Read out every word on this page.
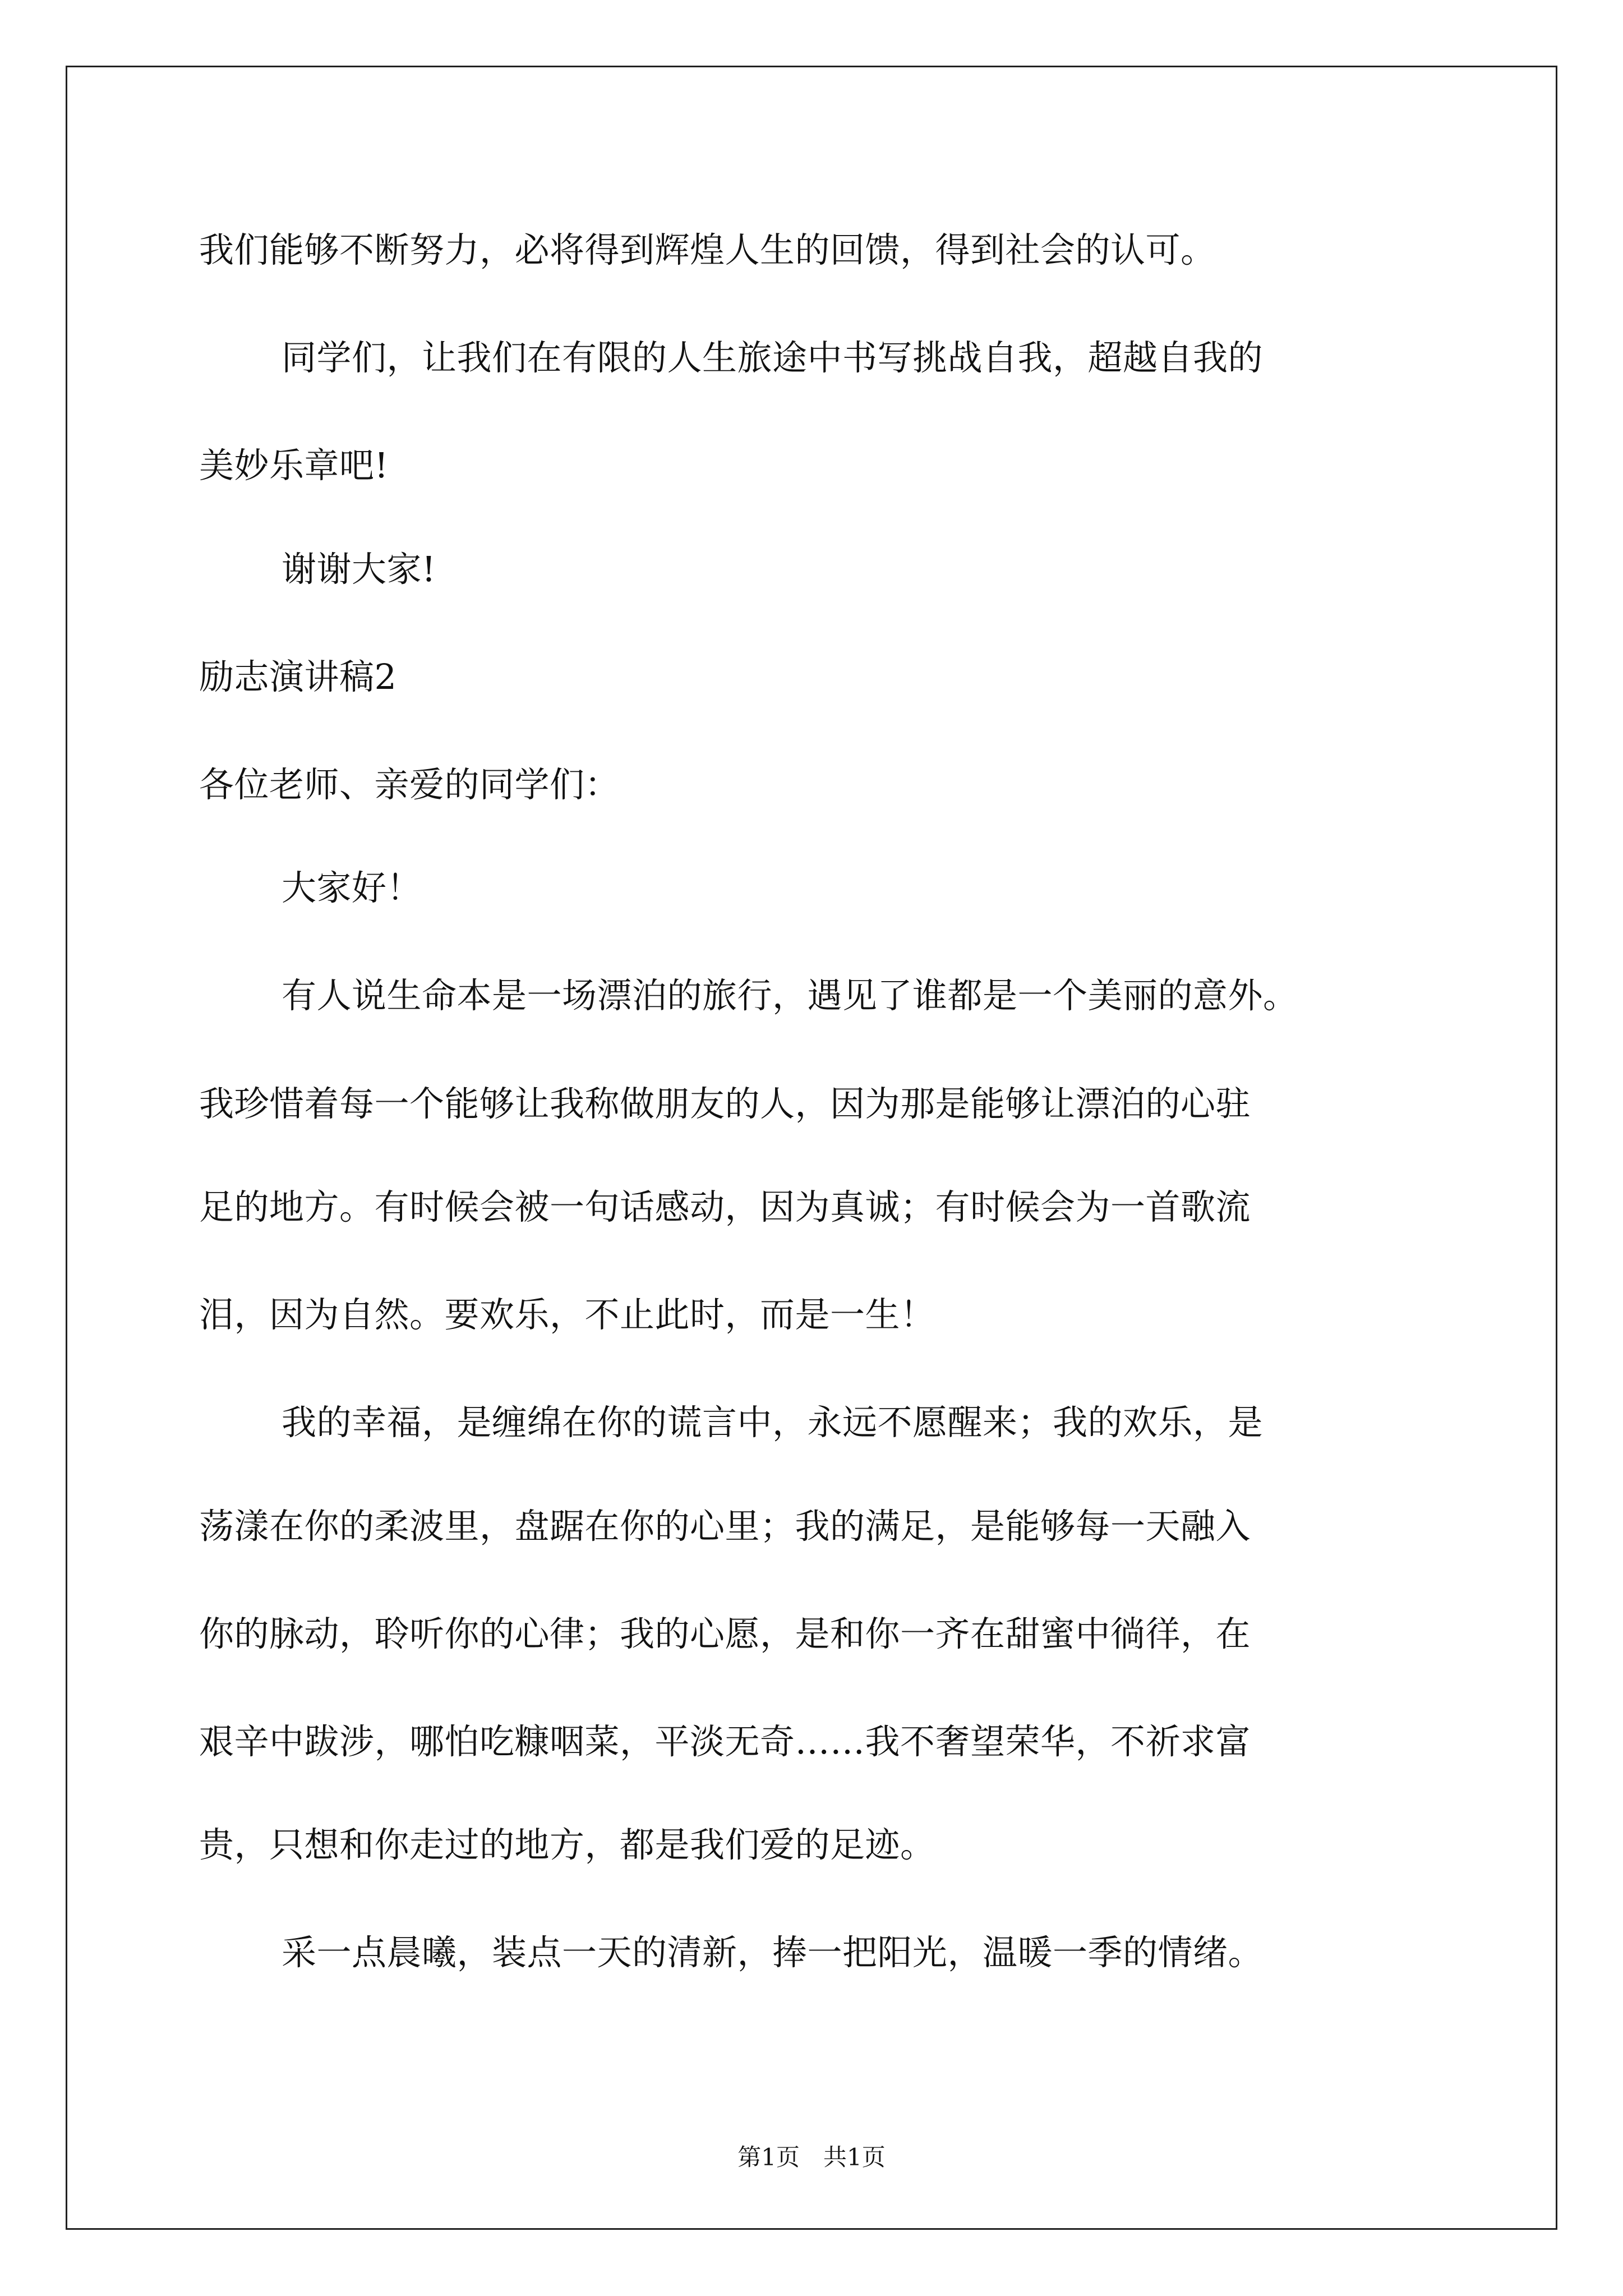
我们能够不断努力，必将得到辉煌人生的回馈，得到社会的认可。
同学们，让我们在有限的人生旅途中书写挑战自我，超越自我的
美妙乐章吧!
谢谢大家!
励志演讲稿2
各位老师、亲爱的同学们：
大家好！
有人说生命本是一场漂泊的旅行，遇见了谁都是一个美丽的意外。
我珍惜着每一个能够让我称做朋友的人，因为那是能够让漂泊的心驻
足的地方。有时候会被一句话感动，因为真诚；有时候会为一首歌流
泪，因为自然。要欢乐，不止此时，而是一生！
我的幸福，是缠绵在你的谎言中，永远不愿醒来；我的欢乐，是
荡漾在你的柔波里，盘踞在你的心里；我的满足，是能够每一天融入
你的脉动，聆听你的心律；我的心愿，是和你一齐在甜蜜中徜徉，在
艰辛中跋涉，哪怕吃糠咽菜，平淡无奇……我不奢望荣华，不祈求富
贵，只想和你走过的地方，都是我们爱的足迹。
采一点晨曦，装点一天的清新，捧一把阳光，温暖一季的情绪。
第1页　共1页
